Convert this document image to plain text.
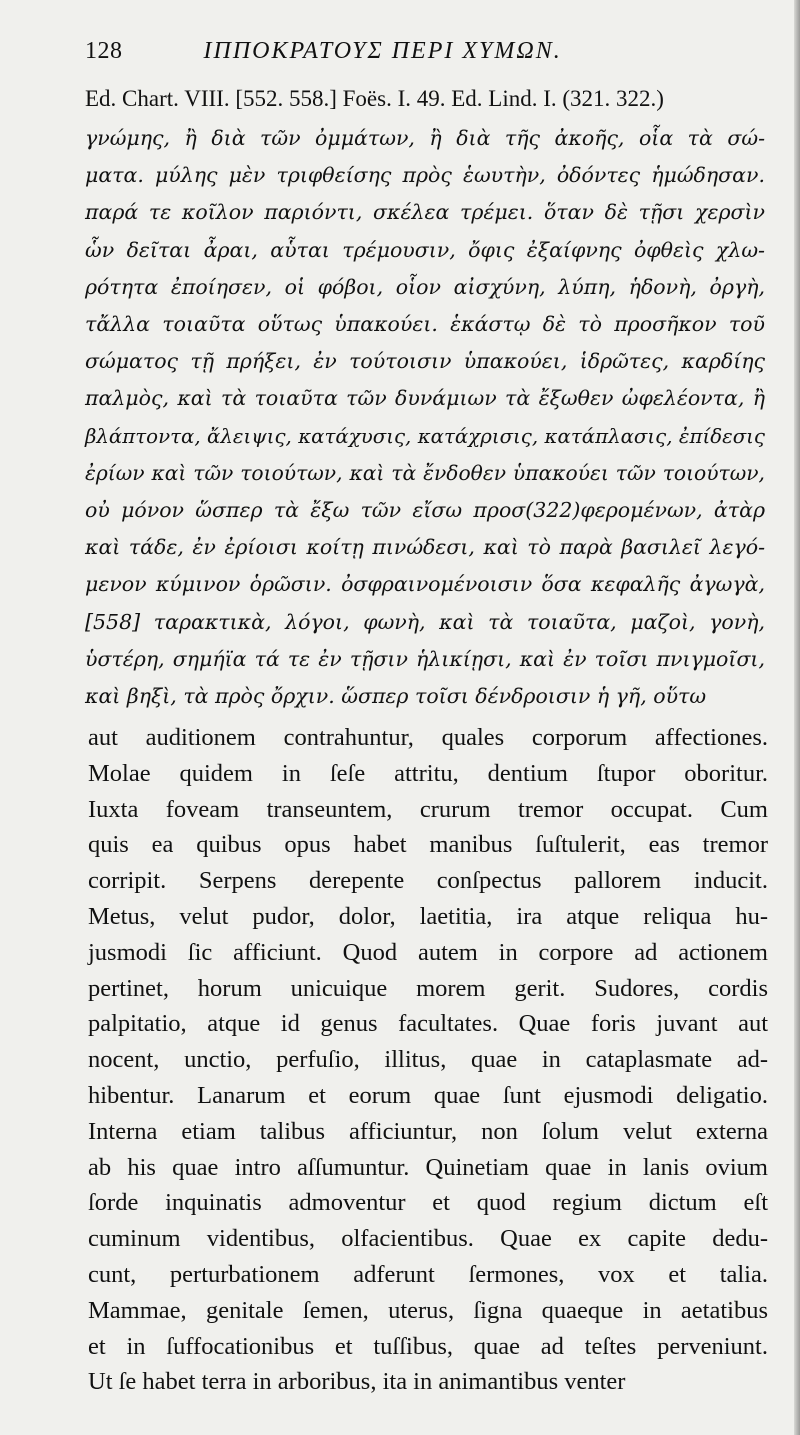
128	ΙΠΠΟΚΡΑΤΟΥΣ ΠΕΡΙ ΧΥΜΩΝ.
Ed. Chart. VIII. [552. 558.] Foës. I. 49. Ed. Lind. I. (321. 322.)
γνώμης, ἢ διὰ τῶν ὀμμάτων, ἢ διὰ τῆς ἀκοῆς, οἷα τὰ σώ-
ματα. μύλης μὲν τριφθείσης πρὸς ἑωυτὴν, ὀδόντες ἡμώδησαν.
παρά τε κοῖλον παριόντι, σκέλεα τρέμει. ὅταν δὲ τῇσι χερσὶν
ὧν δεῖται ἆραι, αὗται τρέμουσιν, ὄφις ἐξαίφνης ὀφθεὶς χλω-
ρότητα ἐποίησεν, οἱ φόβοι, οἷον αἰσχύνη, λύπη, ἡδονὴ, ὀργὴ,
τἄλλα τοιαῦτα οὕτως ὑπακούει. ἑκάστῳ δὲ τὸ προσῆκον τοῦ
σώματος τῇ πρήξει, ἐν τούτοισιν ὑπακούει, ἱδρῶτες, καρδίης
παλμὸς, καὶ τὰ τοιαῦτα τῶν δυνάμιων τὰ ἔξωθεν ὠφελέοντα, ἢ
βλάπτοντα, ἄλειψις, κατάχυσις, κατάχρισις, κατάπλασις, ἐπίδεσις
ἐρίων καὶ τῶν τοιούτων, καὶ τὰ ἔνδοθεν ὑπακούει τῶν τοιούτων,
οὐ μόνον ὥσπερ τὰ ἔξω τῶν εἴσω προσ(322)φερομένων, ἀτὰρ
καὶ τάδε, ἐν ἐρίοισι κοίτῃ πινώδεσι, καὶ τὸ παρὰ βασιλεῖ λεγό-
μενον κύμινον ὁρῶσιν. ὀσφραινομένοισιν ὅσα κεφαλῆς ἀγωγὰ,
[558] ταρακτικὰ, λόγοι, φωνὴ, καὶ τὰ τοιαῦτα, μαζοὶ, γονὴ,
ὑστέρη, σημήϊα τά τε ἐν τῇσιν ἡλικίῃσι, καὶ ἐν τοῖσι πνιγμοῖσι,
καὶ βηξὶ, τὰ πρὸς ὄρχιν. ὥσπερ τοῖσι δένδροισιν ἡ γῆ, οὕτω
aut auditionem contrahuntur, quales corporum affectiones.
Molae quidem in ſeſe attritu, dentium ſtupor oboritur.
Iuxta foveam transeuntem, crurum tremor occupat. Cum
quis ea quibus opus habet manibus ſuſtulerit, eas tremor
corripit. Serpens derepente conſpectus pallorem inducit.
Metus, velut pudor, dolor, laetitia, ira atque reliqua hu-
jusmodi ſic afficiunt. Quod autem in corpore ad actionem
pertinet, horum unicuique morem gerit. Sudores, cordis
palpitatio, atque id genus facultates. Quae foris juvant aut
nocent, unctio, perfuſio, illitus, quae in cataplasmate ad-
hibentur. Lanarum et eorum quae ſunt ejusmodi deligatio.
Interna etiam talibus afficiuntur, non ſolum velut externa
ab his quae intro aſſumuntur. Quinetiam quae in lanis ovium
ſorde inquinatis admoventur et quod regium dictum eſt
cuminum videntibus, olfacientibus. Quae ex capite dedu-
cunt, perturbationem adferunt ſermones, vox et talia.
Mammae, genitale ſemen, uterus, ſigna quaeque in aetatibus
et in ſuffocationibus et tuſſibus, quae ad teſtes perveniunt.
Ut ſe habet terra in arboribus, ita in animantibus venter
